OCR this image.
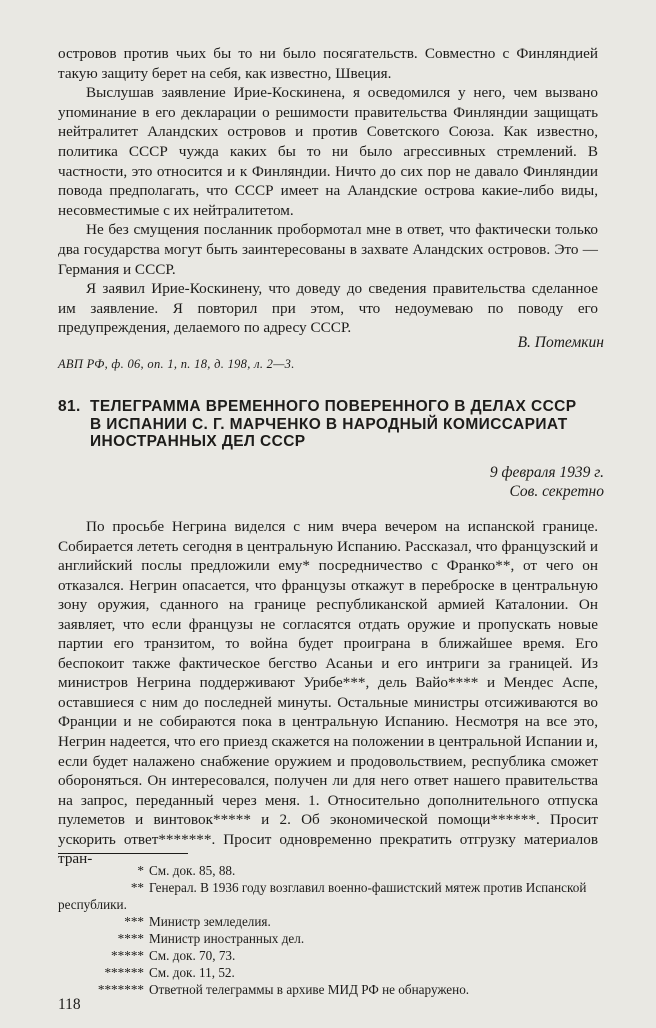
островов против чьих бы то ни было посягательств. Совместно с Финляндией такую защиту берет на себя, как известно, Швеция.

Выслушав заявление Ирие-Коскинена, я осведомился у него, чем вызвано упоминание в его декларации о решимости правительства Финляндии защищать нейтралитет Аландских островов и против Советского Союза. Как известно, политика СССР чужда каких бы то ни было агрессивных стремлений. В частности, это относится и к Финляндии. Ничто до сих пор не давало Финляндии повода предполагать, что СССР имеет на Аландские острова какие-либо виды, несовместимые с их нейтралитетом.

Не без смущения посланник пробормотал мне в ответ, что фактически только два государства могут быть заинтересованы в захвате Аландских островов. Это — Германия и СССР.

Я заявил Ирие-Коскинену, что доведу до сведения правительства сделанное им заявление. Я повторил при этом, что недоумеваю по поводу его предупреждения, делаемого по адресу СССР.

В. Потемкин
АВП РФ, ф. 06, оп. 1, п. 18, д. 198, л. 2—3.
81. ТЕЛЕГРАММА ВРЕМЕННОГО ПОВЕРЕННОГО В ДЕЛАХ СССР
В ИСПАНИИ С. Г. МАРЧЕНКО В НАРОДНЫЙ КОМИССАРИАТ
ИНОСТРАННЫХ ДЕЛ СССР
9 февраля 1939 г.
Сов. секретно

По просьбе Негрина виделся с ним вчера вечером на испанской границе. Собирается лететь сегодня в центральную Испанию. Рассказал, что французский и английский послы предложили ему* посредничество с Франко**, от чего он отказался. Негрин опасается, что французы откажут в переброске в центральную зону оружия, сданного на границе республиканской армией Каталонии. Он заявляет, что если французы не согласятся отдать оружие и пропускать новые партии его транзитом, то война будет проиграна в ближайшее время. Его беспокоит также фактическое бегство Асаньи и его интриги за границей. Из министров Негрина поддерживают Урибе***, дель Вайо**** и Мендес Аспе, оставшиеся с ним до последней минуты. Остальные министры отсиживаются во Франции и не собираются пока в центральную Испанию. Несмотря на все это, Негрин надеется, что его приезд скажется на положении в центральной Испании и, если будет налажено снабжение оружием и продовольствием, республика сможет обороняться. Он интересовался, получен ли для него ответ нашего правительства на запрос, переданный через меня. 1. Относительно дополнительного отпуска пулеметов и винтовок***** и 2. Об экономической помощи******. Просит ускорить ответ*******. Просит одновременно прекратить отгрузку материалов тран-

* См. док. 85, 88.
** Генерал. В 1936 году возглавил военно-фашистский мятеж против Испанской республики.
*** Министр земледелия.
**** Министр иностранных дел.
***** См. док. 70, 73.
****** См. док. 11, 52.
******* Ответной телеграммы в архиве МИД РФ не обнаружено.
118
